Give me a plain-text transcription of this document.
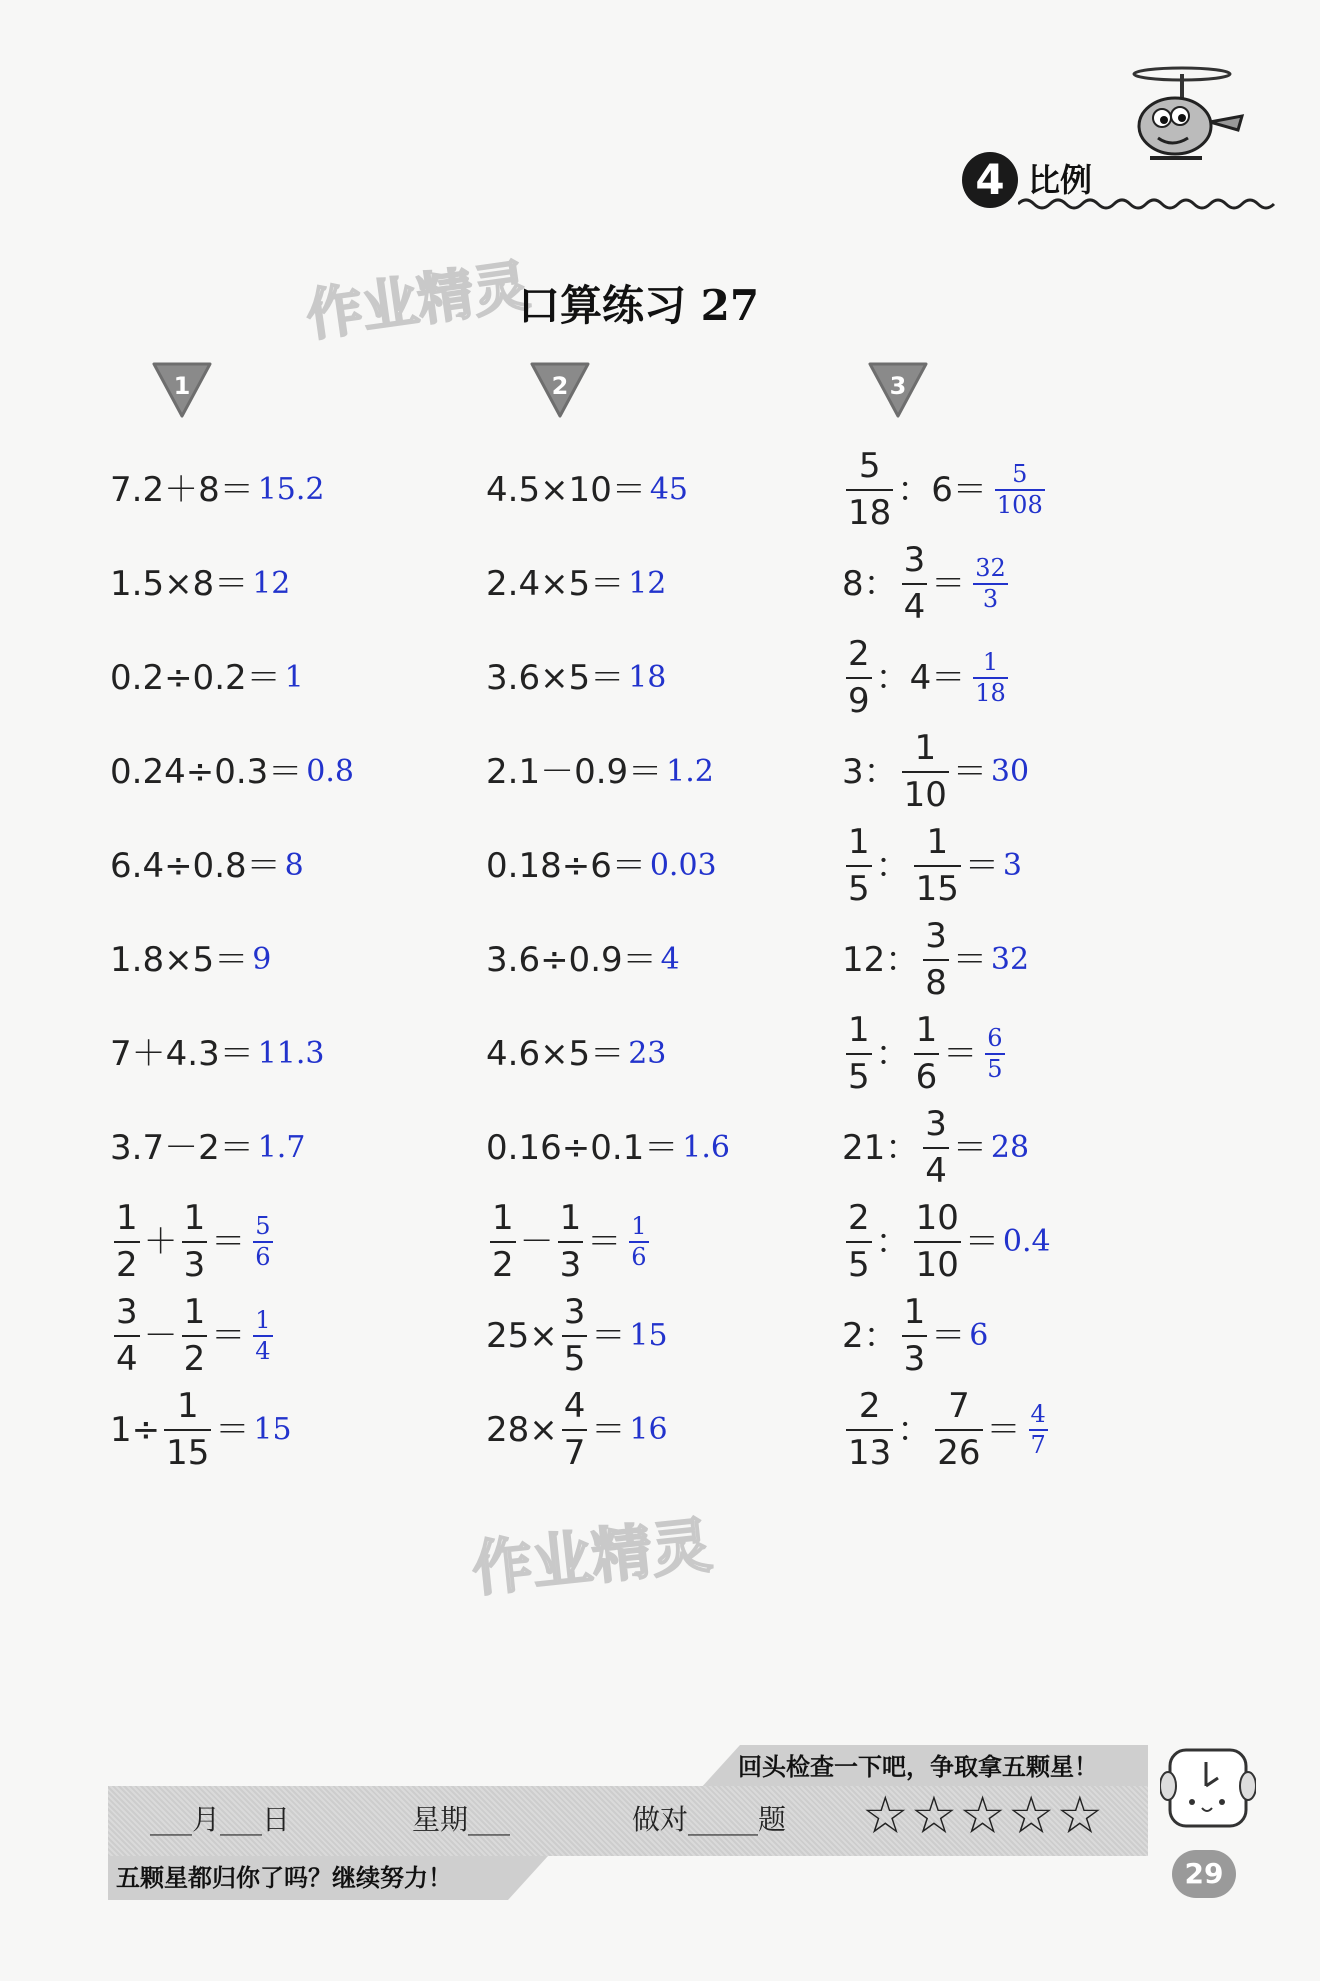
4 比例
作业精灵
口算练习 27
1	2	3
7.2＋8＝ 15.2
1.5×8＝ 12
0.2÷0.2＝ 1
0.24÷0.3＝ 0.8
6.4÷0.8＝ 8
1.8×5＝ 9
7＋4.3＝ 11.3
3.7－2＝ 1.7
$\frac{1}{2} + \frac{1}{3} = \frac{5}{6}$
$\frac{3}{4} - \frac{1}{2} = \frac{1}{4}$
$1\div \frac{1}{15} = 15$
4.5×10＝ 45
2.4×5＝ 12
3.6×5＝ 18
2.1－0.9＝ 1.2
0.18÷6＝ 0.03
3.6÷0.9＝ 4
4.6×5＝ 23
0.16÷0.1＝ 1.6
$\frac{1}{2} - \frac{1}{3} = \frac{1}{6}$
$25\times \frac{3}{5} = 15$
$28\times \frac{4}{7} = 16$
$\frac{5}{18}$ ：$6= \frac{5}{108}$
8： $\frac{3}{4} = \frac{32}{3}$
$\frac{2}{9}$ ：$4= \frac{1}{18}$
3： $\frac{1}{10} = 30$
$\frac{1}{5}$ ： $\frac{1}{15} = 3$
12： $\frac{3}{8} = 32$
$\frac{1}{5}$ ： $\frac{1}{6} = \frac{6}{5}$
21： $\frac{3}{4} = 28$
$\frac{2}{5}$ ： $\frac{10}{10} = 0.4$
2： $\frac{1}{3} = 6$
$\frac{2}{13}$ ： $\frac{7}{26} = \frac{4}{7}$
作业精灵
回头检查一下吧，争取拿五颗星！
___月___日	星期___	做对_____题 ☆ ☆ ☆ ☆ ☆
五颗星都归你了吗？继续努力！	29
